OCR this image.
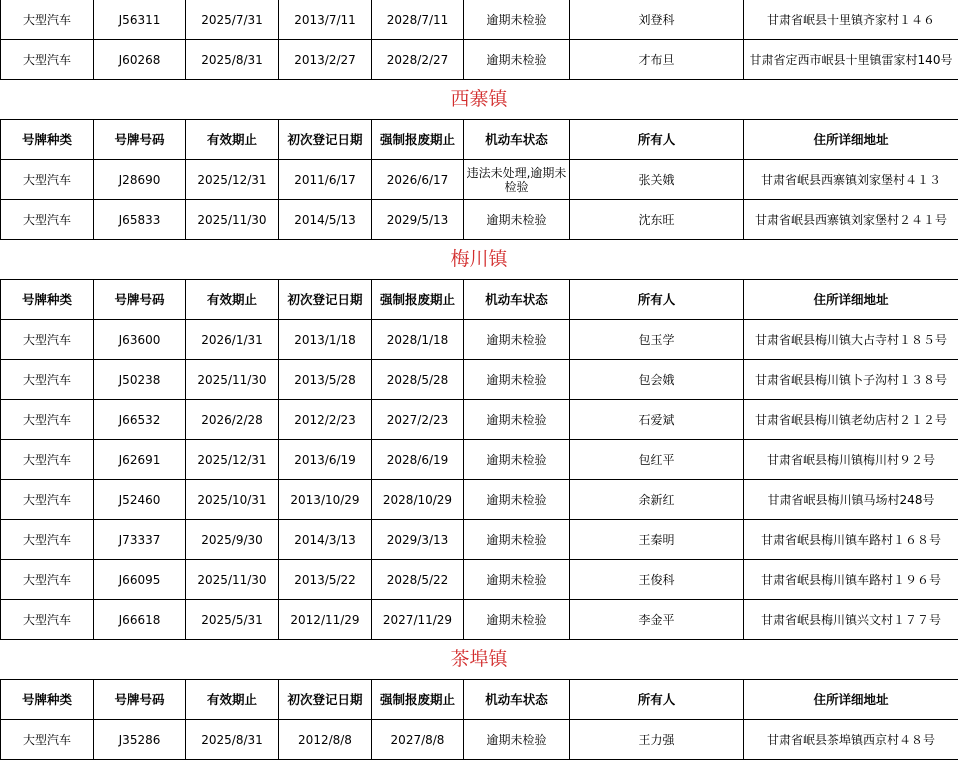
大型汽车	J56311	2025/7/31	2013/7/11	2028/7/11	逾期未检验	刘登科	甘肃省岷县十里镇齐家村１４６
大型汽车	J60268	2025/8/31	2013/2/27	2028/2/27	逾期未检验	才布旦	甘肃省定西市岷县十里镇雷家村140号
西寨镇
号牌种类	号牌号码	有效期止	初次登记日期	强制报废期止	机动车状态	所有人	住所详细地址
大型汽车	J28690	2025/12/31	2011/6/17	2026/6/17	违法未处理,逾期未检验	张关娥	甘肃省岷县西寨镇刘家堡村４１３
大型汽车	J65833	2025/11/30	2014/5/13	2029/5/13	逾期未检验	沈东旺	甘肃省岷县西寨镇刘家堡村２４１号
梅川镇
号牌种类	号牌号码	有效期止	初次登记日期	强制报废期止	机动车状态	所有人	住所详细地址
大型汽车	J63600	2026/1/31	2013/1/18	2028/1/18	逾期未检验	包玉学	甘肃省岷县梅川镇大占寺村１８５号
大型汽车	J50238	2025/11/30	2013/5/28	2028/5/28	逾期未检验	包会娥	甘肃省岷县梅川镇卜子沟村１３８号
大型汽车	J66532	2026/2/28	2012/2/23	2027/2/23	逾期未检验	石爱斌	甘肃省岷县梅川镇老幼店村２１２号
大型汽车	J62691	2025/12/31	2013/6/19	2028/6/19	逾期未检验	包红平	甘肃省岷县梅川镇梅川村９２号
大型汽车	J52460	2025/10/31	2013/10/29	2028/10/29	逾期未检验	余新红	甘肃省岷县梅川镇马场村248号
大型汽车	J73337	2025/9/30	2014/3/13	2029/3/13	逾期未检验	王秦明	甘肃省岷县梅川镇车路村１６８号
大型汽车	J66095	2025/11/30	2013/5/22	2028/5/22	逾期未检验	王俊科	甘肃省岷县梅川镇车路村１９６号
大型汽车	J66618	2025/5/31	2012/11/29	2027/11/29	逾期未检验	李金平	甘肃省岷县梅川镇兴文村１７７号
茶埠镇
号牌种类	号牌号码	有效期止	初次登记日期	强制报废期止	机动车状态	所有人	住所详细地址
大型汽车	J35286	2025/8/31	2012/8/8	2027/8/8	逾期未检验	王力强	甘肃省岷县茶埠镇西京村４８号
